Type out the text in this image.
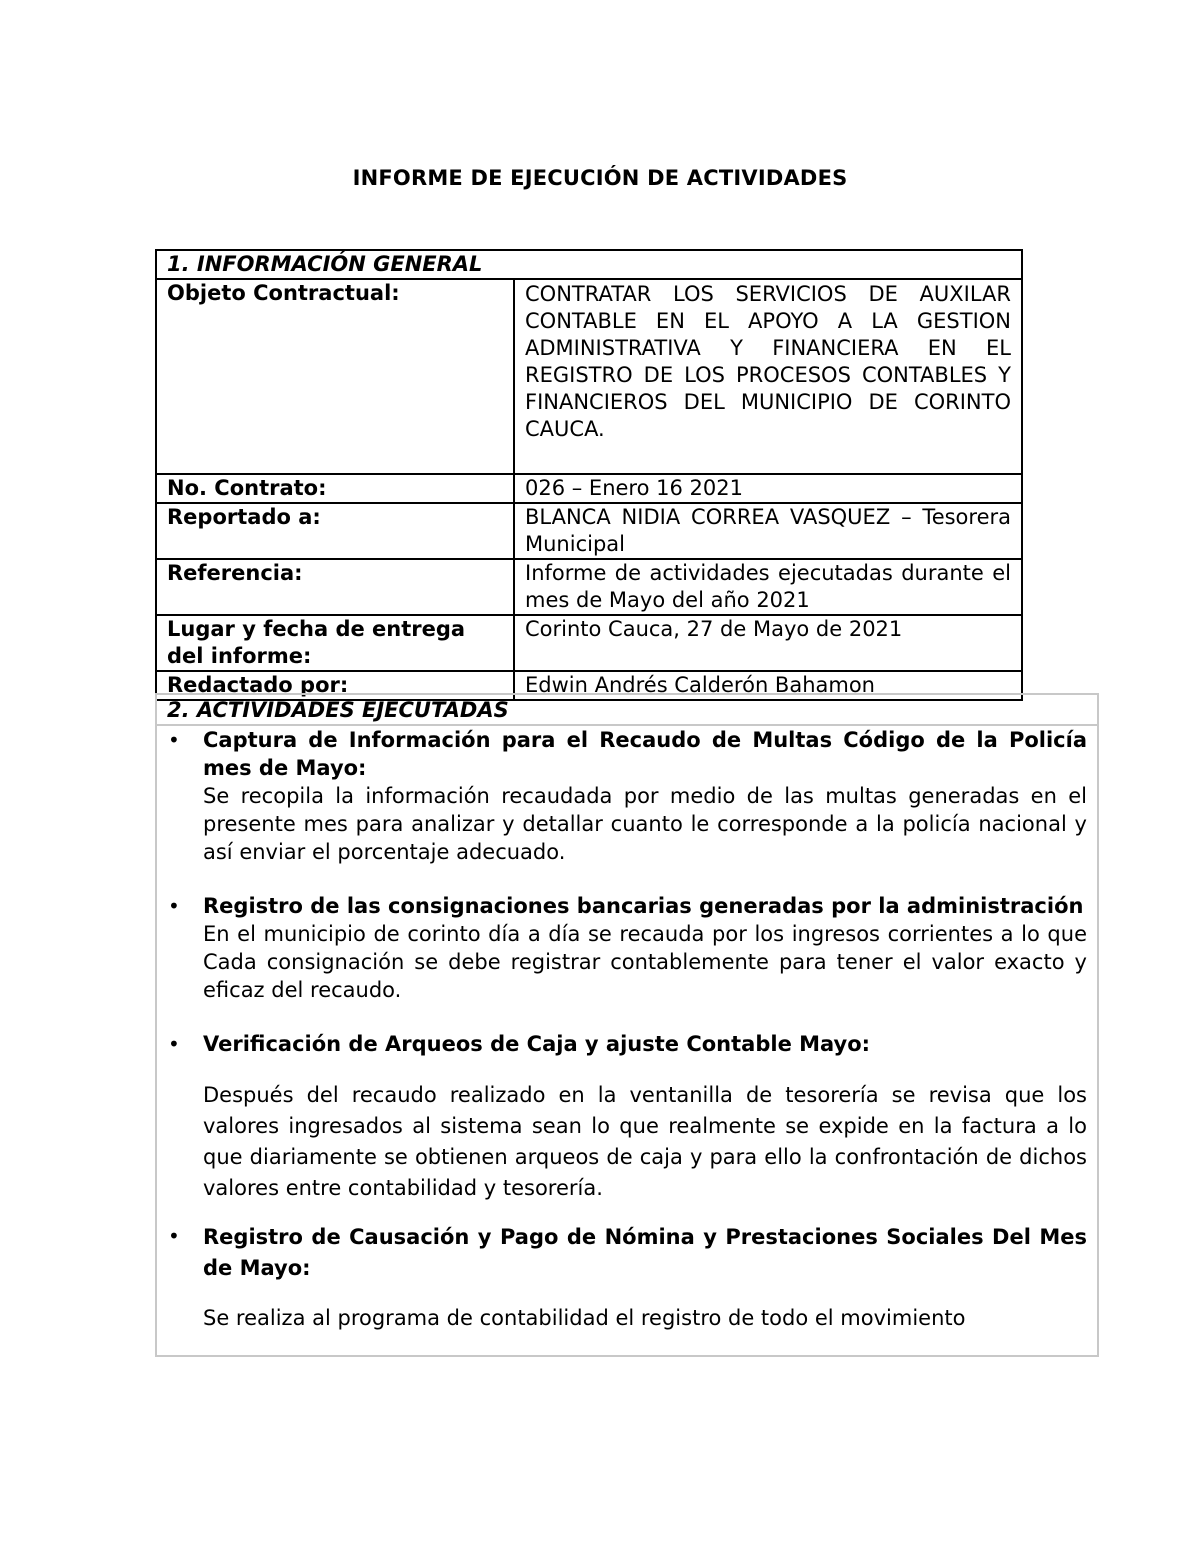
INFORME DE EJECUCIÓN DE ACTIVIDADES
1. INFORMACIÓN GENERAL	
Objeto Contractual:	CONTRATAR LOS SERVICIOS DE AUXILAR CONTABLE EN EL APOYO A LA GESTION ADMINISTRATIVA Y FINANCIERA EN EL REGISTRO DE LOS PROCESOS CONTABLES Y FINANCIEROS DEL MUNICIPIO DE CORINTO CAUCA.
No. Contrato:	026 – Enero 16 2021
Reportado a:	BLANCA NIDIA CORREA VASQUEZ – Tesorera Municipal
Referencia:	Informe de actividades ejecutadas durante el mes de Mayo del año 2021
Lugar y fecha de entrega del informe:	Corinto Cauca, 27 de Mayo de 2021
Redactado por:	Edwin Andrés Calderón Bahamon
2. ACTIVIDADES EJECUTADAS
• Captura de Información para el Recaudo de Multas Código de la Policía mes de Mayo:
Se recopila la información recaudada por medio de las multas generadas en el presente mes para analizar y detallar cuanto le corresponde a la policía nacional y así enviar el porcentaje adecuado.
• Registro de las consignaciones bancarias generadas por la administración
En el municipio de corinto día a día se recauda por los ingresos corrientes a lo que Cada consignación se debe registrar contablemente para tener el valor exacto y eficaz del recaudo.
• Verificación de Arqueos de Caja y ajuste Contable Mayo:
Después del recaudo realizado en la ventanilla de tesorería se revisa que los valores ingresados al sistema sean lo que realmente se expide en la factura a lo que diariamente se obtienen arqueos de caja y para ello la confrontación de dichos valores entre contabilidad y tesorería.
• Registro de Causación y Pago de Nómina y Prestaciones Sociales Del Mes de Mayo:
Se realiza al programa de contabilidad el registro de todo el movimiento
